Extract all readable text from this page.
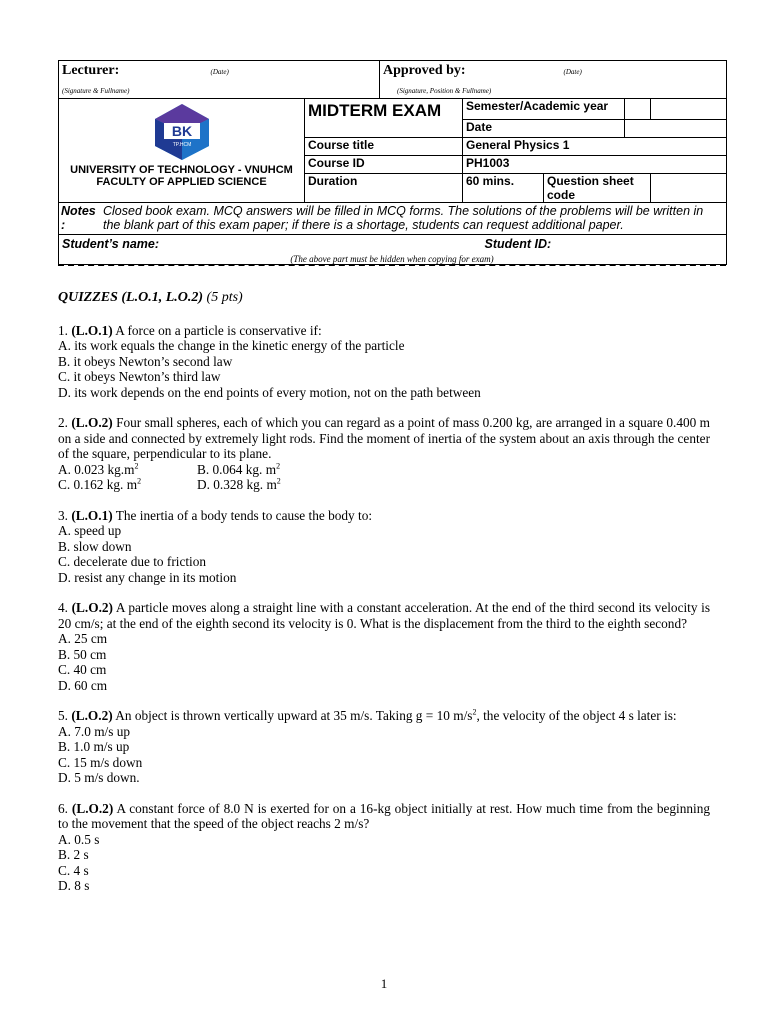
Lecturer:	(Date)	Approved by:	(Date)
(Signature & Fullname)		(Signature, Position & Fullname)	
BK
TP.HCM
UNIVERSITY OF TECHNOLOGY - VNUHCM
FACULTY OF APPLIED SCIENCE	MIDTERM EXAM	Semester/Academic year			
		Date			
	Course title	General Physics 1			
	Course ID	PH1003			
	Duration	60 mins.	Question sheet code		

Notes
:
Closed book exam. MCQ answers will be filled in MCQ forms. The solutions of the problems will be written in the blank part of this exam paper; if there is a shortage, students can request additional paper.					

Student’s name: Student ID:					
(The above part must be hidden when copying for exam)
QUIZZES (L.O.1, L.O.2) (5 pts)

1. (L.O.1) A force on a particle is conservative if:

A. its work equals the change in the kinetic energy of the particle
B. it obeys Newton’s second law
C. it obeys Newton’s third law
D. its work depends on the end points of every motion, not on the path between

2. (L.O.2) Four small spheres, each of which you can regard as a point of mass 0.200 kg, are arranged in a square 0.400 m on a side and connected by extremely light rods. Find the moment of inertia of the system about an axis through the center of the square, perpendicular to its plane.

A. 0.023 $kg.m^2$	B. 0.064 kg. $m^2$
C. 0.162 kg. $m^2$	D. 0.328 kg. $m^2$

3. (L.O.1) The inertia of a body tends to cause the body to:

A. speed up
B. slow down
C. decelerate due to friction
D. resist any change in its motion

4. (L.O.2) A particle moves along a straight line with a constant acceleration. At the end of the third second its velocity is 20 cm/s; at the end of the eighth second its velocity is 0. What is the displacement from the third to the eighth second?

A. 25 cm
B. 50 cm
C. 40 cm
D. 60 cm

5. (L.O.2) An object is thrown vertically upward at 35 m/s. Taking g = 10 $m/s^2$, the velocity of the object 4 s later is:

A. 7.0 m/s up
B. 1.0 m/s up
C. 15 m/s down
D. 5 m/s down.

6. (L.O.2) A constant force of 8.0 N is exerted for on a 16-kg object initially at rest. How much time from the beginning to the movement that the speed of the object reachs 2 m/s?

A. 0.5 s
B. 2 s
C. 4 s
D. 8 s
1
